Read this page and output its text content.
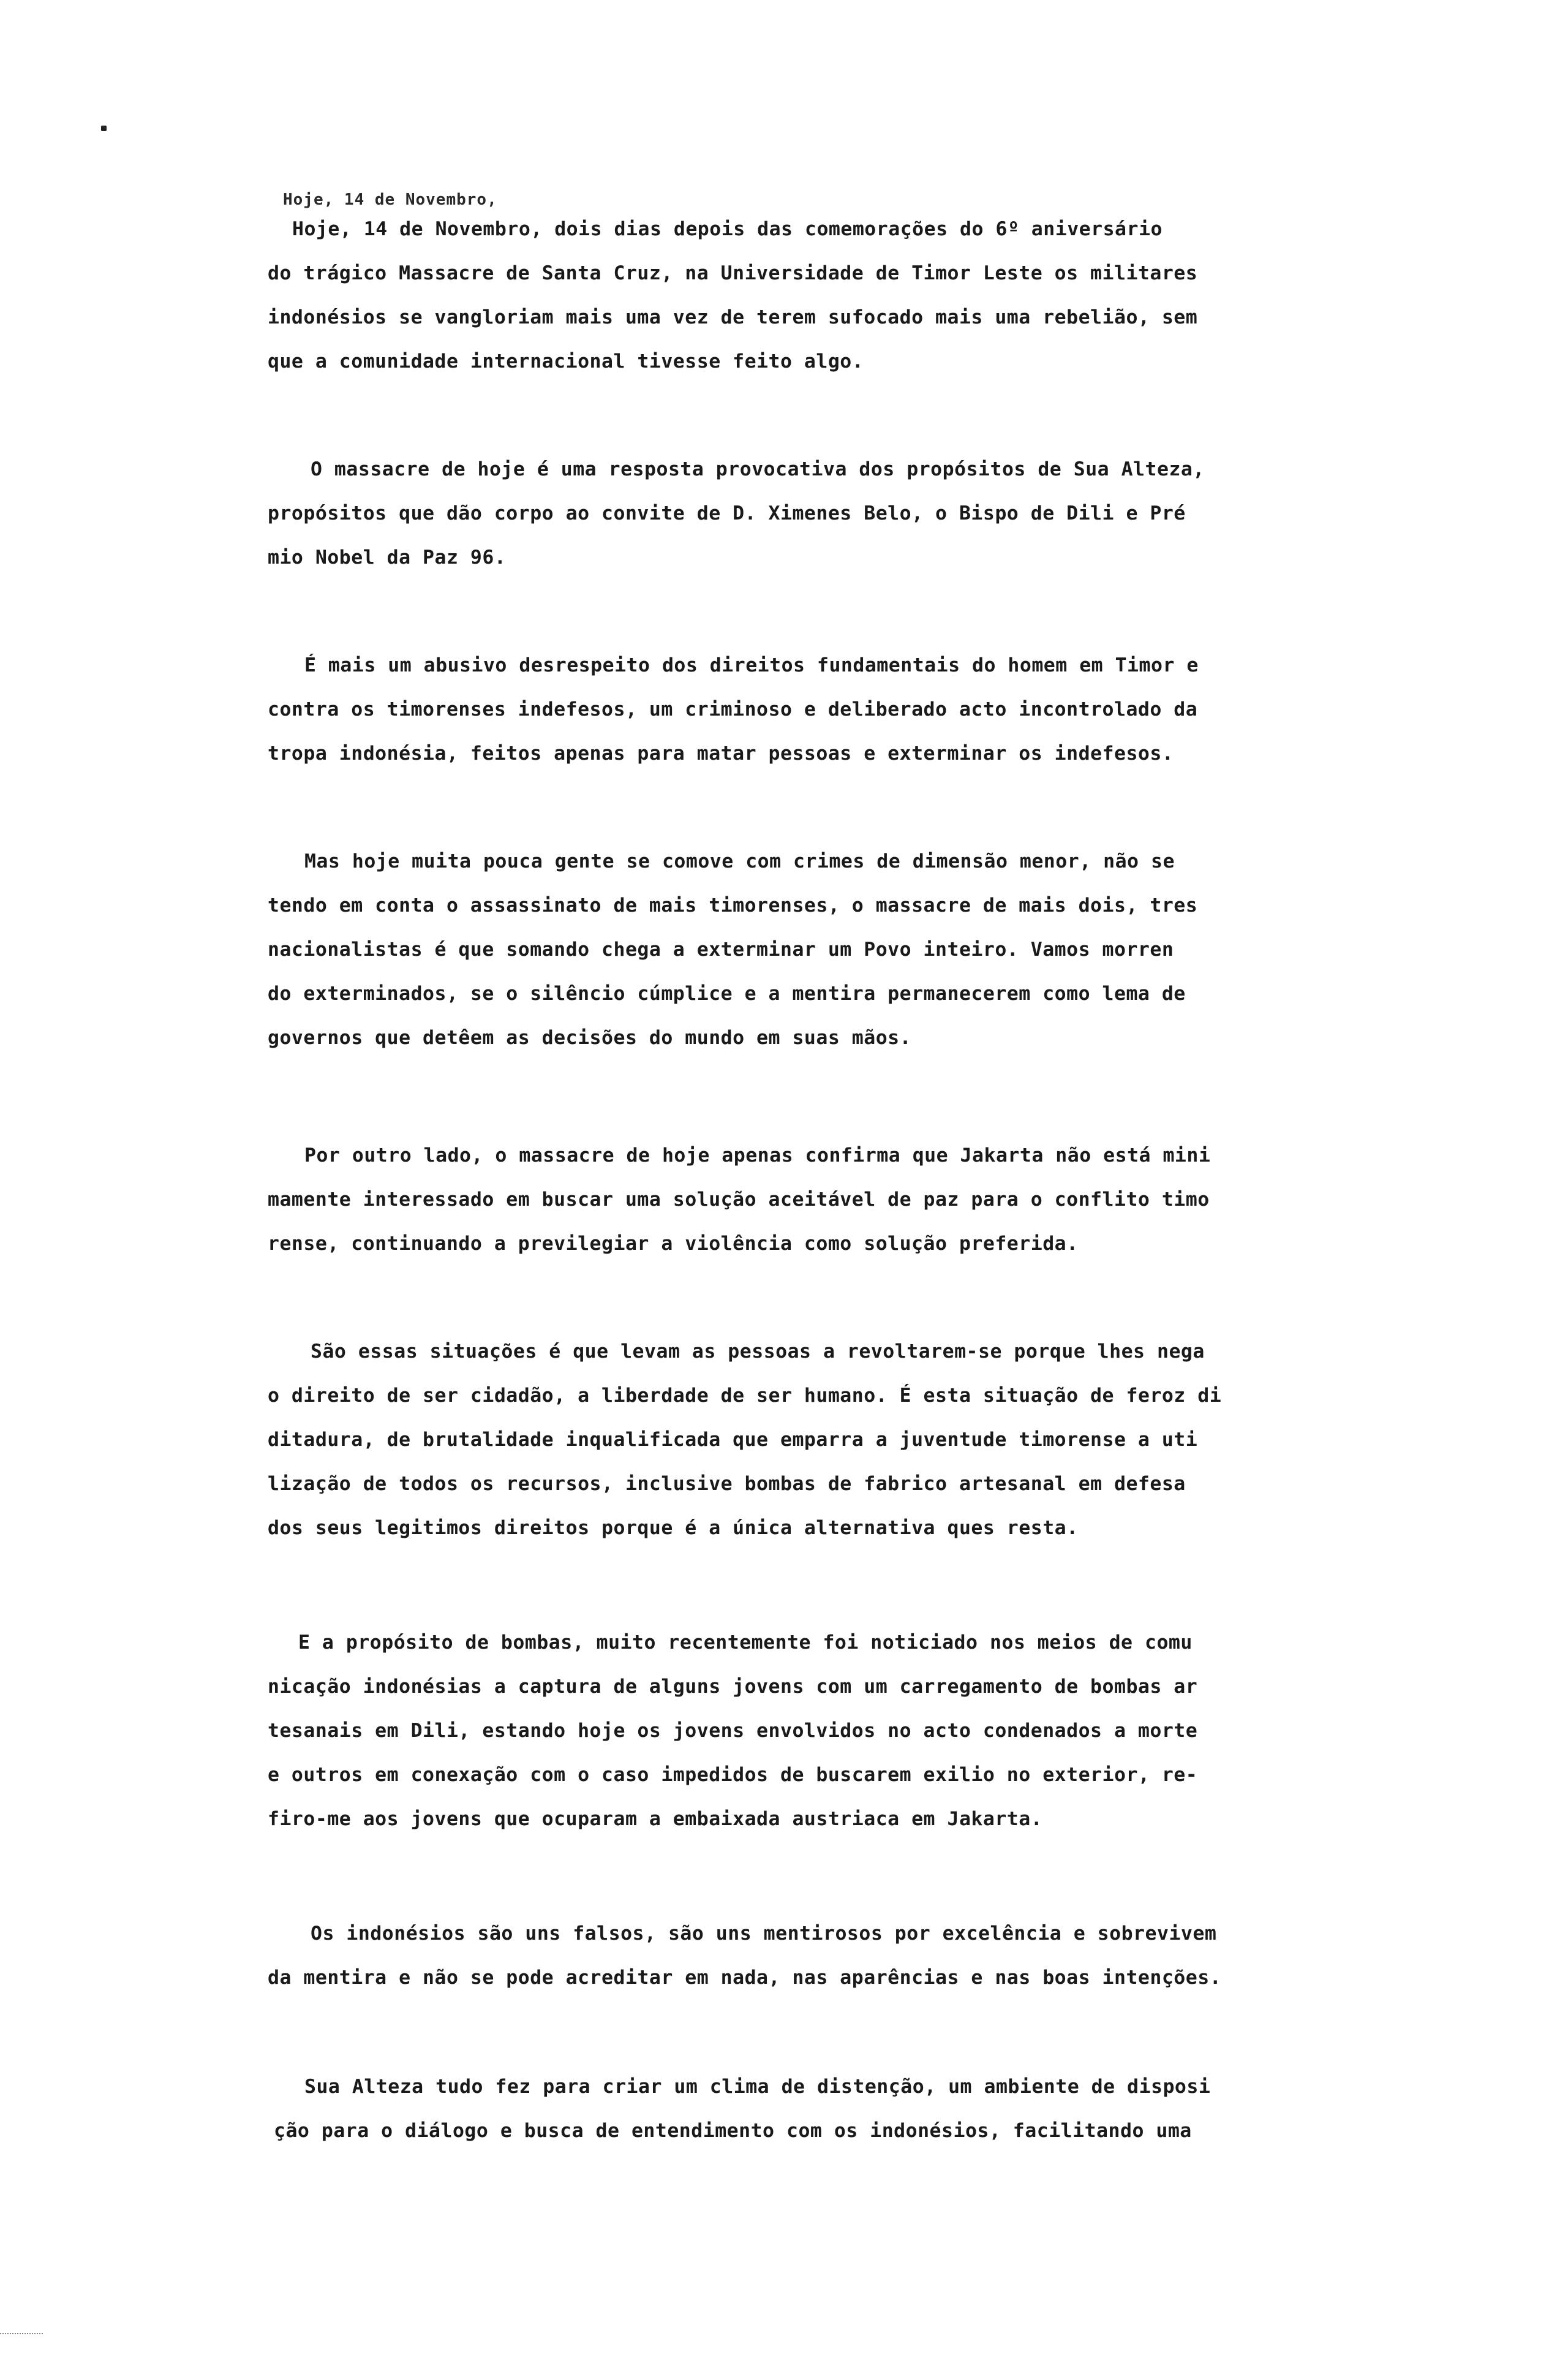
Hoje, 14 de Novembro,
Hoje, 14 de Novembro, dois dias depois das comemorações do 6º aniversário
do trágico Massacre de Santa Cruz, na Universidade de Timor Leste os militares
indonésios se vangloriam mais uma vez de terem sufocado mais uma rebelião, sem
que a comunidade internacional tivesse feito algo.
O massacre de hoje é uma resposta provocativa dos propósitos de Sua Alteza,
propósitos que dão corpo ao convite de D. Ximenes Belo, o Bispo de Dili e Pré
mio Nobel da Paz 96.
É mais um abusivo desrespeito dos direitos fundamentais do homem em Timor e
contra os timorenses indefesos, um criminoso e deliberado acto incontrolado da
tropa indonésia, feitos apenas para matar pessoas e exterminar os indefesos.
Mas hoje muita pouca gente se comove com crimes de dimensão menor, não se
tendo em conta o assassinato de mais timorenses, o massacre de mais dois, tres
nacionalistas é que somando chega a exterminar um Povo inteiro. Vamos morren
do exterminados, se o silêncio cúmplice e a mentira permanecerem como lema de
governos que detêem as decisões do mundo em suas mãos.
Por outro lado, o massacre de hoje apenas confirma que Jakarta não está mini
mamente interessado em buscar uma solução aceitável de paz para o conflito timo
rense, continuando a previlegiar a violência como solução preferida.
São essas situações é que levam as pessoas a revoltarem-se porque lhes nega
o direito de ser cidadão, a liberdade de ser humano. É esta situação de feroz di
ditadura, de brutalidade inqualificada que emparra a juventude timorense a uti
lização de todos os recursos, inclusive bombas de fabrico artesanal em defesa
dos seus legitimos direitos porque é a única alternativa ques resta.
E a propósito de bombas, muito recentemente foi noticiado nos meios de comu
nicação indonésias a captura de alguns jovens com um carregamento de bombas ar
tesanais em Dili, estando hoje os jovens envolvidos no acto condenados a morte
e outros em conexação com o caso impedidos de buscarem exilio no exterior, re-
firo-me aos jovens que ocuparam a embaixada austriaca em Jakarta.
Os indonésios são uns falsos, são uns mentirosos por excelência e sobrevivem
da mentira e não se pode acreditar em nada, nas aparências e nas boas intenções.
Sua Alteza tudo fez para criar um clima de distenção, um ambiente de disposi
ção para o diálogo e busca de entendimento com os indonésios, facilitando uma
